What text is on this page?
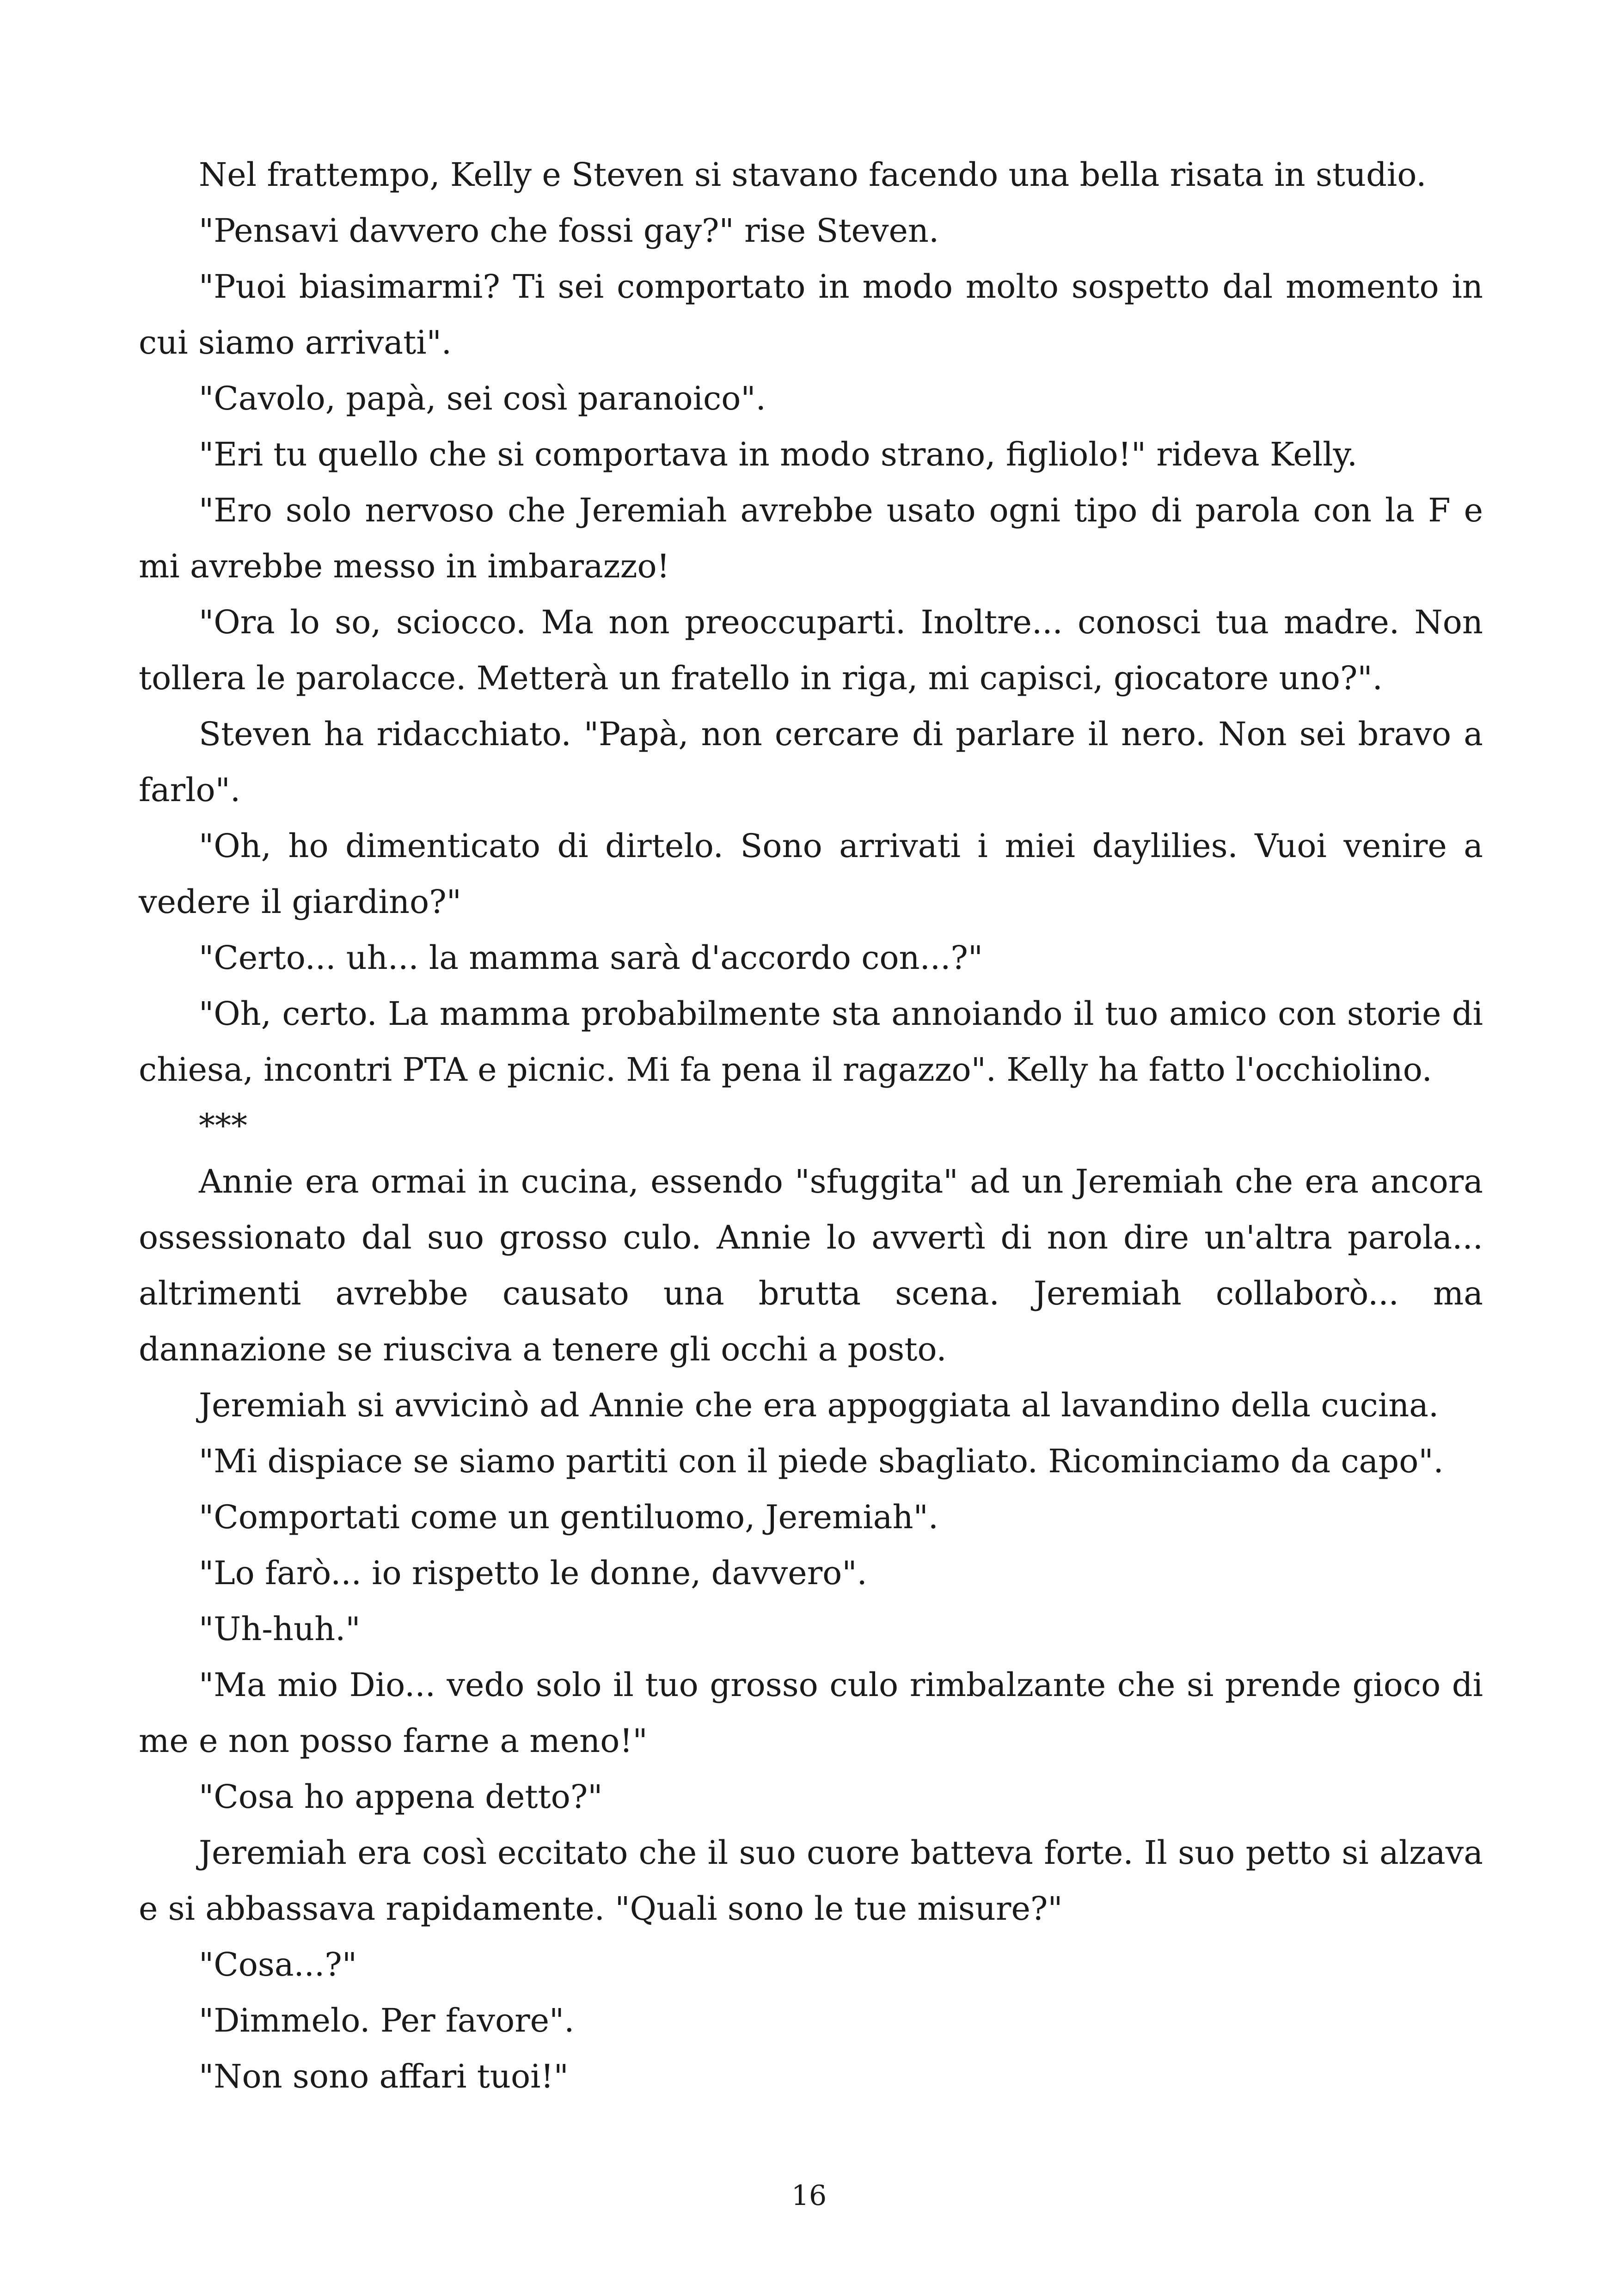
Nel frattempo, Kelly e Steven si stavano facendo una bella risata in studio.

"Pensavi davvero che fossi gay?" rise Steven.

"Puoi biasimarmi? Ti sei comportato in modo molto sospetto dal momento in cui siamo arrivati".

"Cavolo, papà, sei così paranoico".

"Eri tu quello che si comportava in modo strano, figliolo!" rideva Kelly.

"Ero solo nervoso che Jeremiah avrebbe usato ogni tipo di parola con la F e mi avrebbe messo in imbarazzo!

"Ora lo so, sciocco. Ma non preoccuparti. Inoltre... conosci tua madre. Non tollera le parolacce. Metterà un fratello in riga, mi capisci, giocatore uno?".

Steven ha ridacchiato. "Papà, non cercare di parlare il nero. Non sei bravo a farlo".

"Oh, ho dimenticato di dirtelo. Sono arrivati i miei daylilies. Vuoi venire a vedere il giardino?"

"Certo... uh... la mamma sarà d'accordo con...?"

"Oh, certo. La mamma probabilmente sta annoiando il tuo amico con storie di chiesa, incontri PTA e picnic. Mi fa pena il ragazzo". Kelly ha fatto l'occhiolino.

***

Annie era ormai in cucina, essendo "sfuggita" ad un Jeremiah che era ancora ossessionato dal suo grosso culo. Annie lo avvertì di non dire un'altra parola... altrimenti avrebbe causato una brutta scena. Jeremiah collaborò... ma dannazione se riusciva a tenere gli occhi a posto.

Jeremiah si avvicinò ad Annie che era appoggiata al lavandino della cucina.

"Mi dispiace se siamo partiti con il piede sbagliato. Ricominciamo da capo".

"Comportati come un gentiluomo, Jeremiah".

"Lo farò... io rispetto le donne, davvero".

"Uh-huh."

"Ma mio Dio... vedo solo il tuo grosso culo rimbalzante che si prende gioco di me e non posso farne a meno!"

"Cosa ho appena detto?"

Jeremiah era così eccitato che il suo cuore batteva forte. Il suo petto si alzava e si abbassava rapidamente. "Quali sono le tue misure?"

"Cosa...?"

"Dimmelo. Per favore".

"Non sono affari tuoi!"

16
